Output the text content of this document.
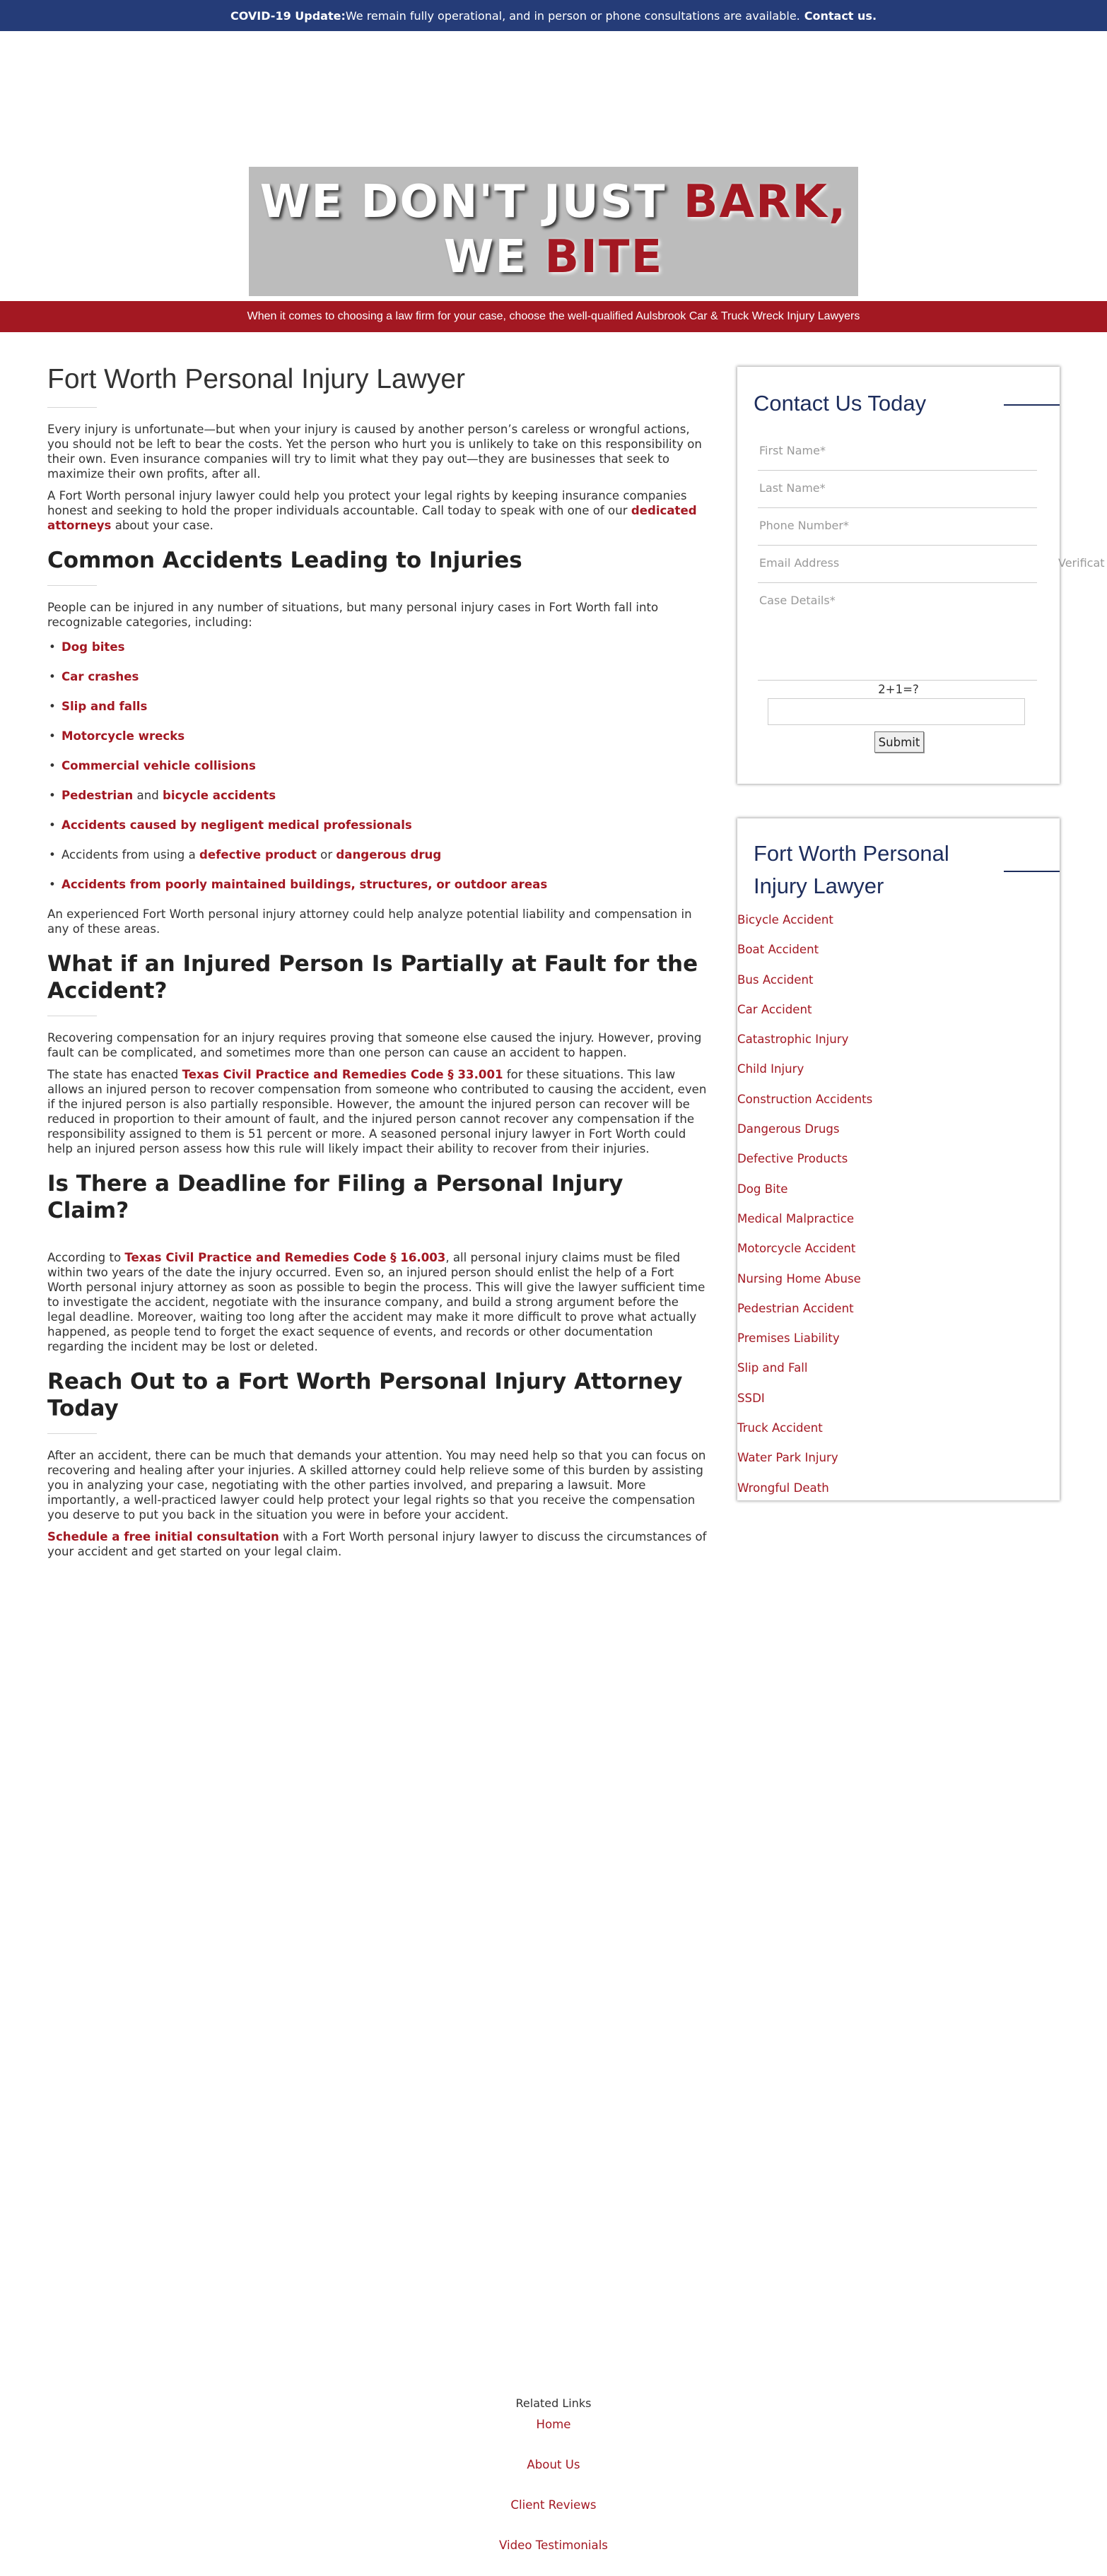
COVID-19 Update: We remain fully operational, and in person or phone consultations are available. Contact us.
WE DON'T JUST BARK,
WE BITE
When it comes to choosing a law firm for your case, choose the well-qualified Aulsbrook Car & Truck Wreck Injury Lawyers
Fort Worth Personal Injury Lawyer

Every injury is unfortunate—but when your injury is caused by another person’s careless or wrongful actions, you should not be left to bear the costs. Yet the person who hurt you is unlikely to take on this responsibility on their own. Even insurance companies will try to limit what they pay out—they are businesses that seek to maximize their own profits, after all.

A Fort Worth personal injury lawyer could help you protect your legal rights by keeping insurance companies honest and seeking to hold the proper individuals accountable. Call today to speak with one of our dedicated attorneys about your case.

Common Accidents Leading to Injuries

People can be injured in any number of situations, but many personal injury cases in Fort Worth fall into recognizable categories, including:

• Dog bites
• Car crashes
• Slip and falls
• Motorcycle wrecks
• Commercial vehicle collisions
• Pedestrian and bicycle accidents
• Accidents caused by negligent medical professionals
• Accidents from using a defective product or dangerous drug
• Accidents from poorly maintained buildings, structures, or outdoor areas

An experienced Fort Worth personal injury attorney could help analyze potential liability and compensation in any of these areas.

What if an Injured Person Is Partially at Fault for the Accident?

Recovering compensation for an injury requires proving that someone else caused the injury. However, proving fault can be complicated, and sometimes more than one person can cause an accident to happen.

The state has enacted Texas Civil Practice and Remedies Code § 33.001 for these situations. This law allows an injured person to recover compensation from someone who contributed to causing the accident, even if the injured person is also partially responsible. However, the amount the injured person can recover will be reduced in proportion to their amount of fault, and the injured person cannot recover any compensation if the responsibility assigned to them is 51 percent or more. A seasoned personal injury lawyer in Fort Worth could help an injured person assess how this rule will likely impact their ability to recover from their injuries.

Is There a Deadline for Filing a Personal Injury Claim?

According to Texas Civil Practice and Remedies Code § 16.003, all personal injury claims must be filed within two years of the date the injury occurred. Even so, an injured person should enlist the help of a Fort Worth personal injury attorney as soon as possible to begin the process. This will give the lawyer sufficient time to investigate the accident, negotiate with the insurance company, and build a strong argument before the legal deadline. Moreover, waiting too long after the accident may make it more difficult to prove what actually happened, as people tend to forget the exact sequence of events, and records or other documentation regarding the incident may be lost or deleted.

Reach Out to a Fort Worth Personal Injury Attorney Today

After an accident, there can be much that demands your attention. You may need help so that you can focus on recovering and healing after your injuries. A skilled attorney could help relieve some of this burden by assisting you in analyzing your case, negotiating with the other parties involved, and preparing a lawsuit. More importantly, a well-practiced lawyer could help protect your legal rights so that you receive the compensation you deserve to put you back in the situation you were in before your accident.

Schedule a free initial consultation with a Fort Worth personal injury lawyer to discuss the circumstances of your accident and get started on your legal claim.

Contact Us Today
First Name*
Last Name*
Phone Number*
Email Address
Case Details*
2+1=?
Submit
Verificat
Fort Worth Personal Injury Lawyer
Bicycle Accident
Boat Accident
Bus Accident
Car Accident
Catastrophic Injury
Child Injury
Construction Accidents
Dangerous Drugs
Defective Products
Dog Bite
Medical Malpractice
Motorcycle Accident
Nursing Home Abuse
Pedestrian Accident
Premises Liability
Slip and Fall
SSDI
Truck Accident
Water Park Injury
Wrongful Death
Related Links
Home
About Us
Client Reviews
Video Testimonials
